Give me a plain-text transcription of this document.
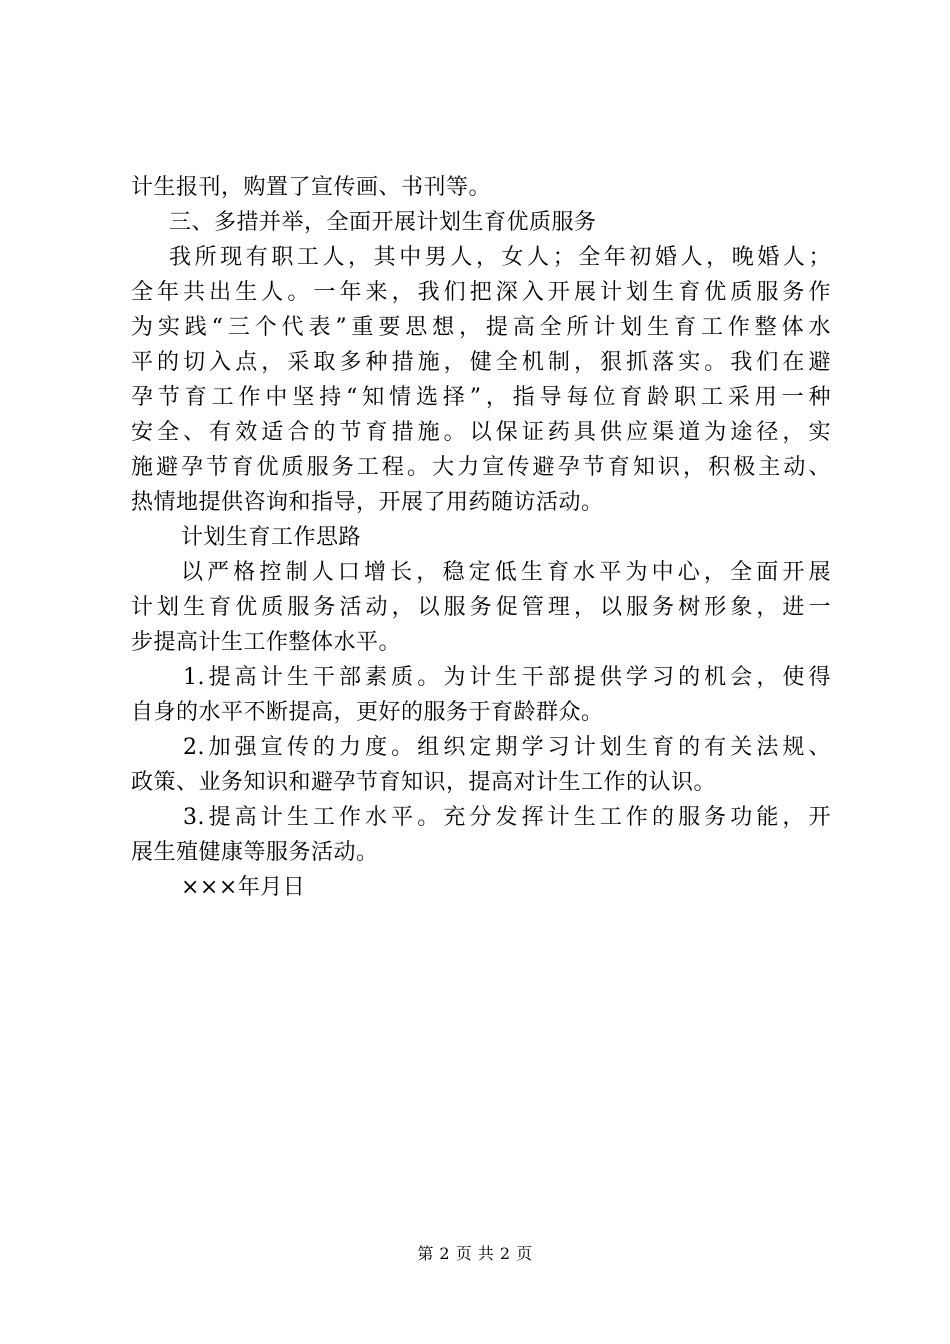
计生报刊，购置了宣传画、书刊等。
三、多措并举，全面开展计划生育优质服务
我所现有职工人，其中男人，女人；全年初婚人，晚婚人；
全年共出生人。一年来，我们把深入开展计划生育优质服务作
为实践“三个代表”重要思想，提高全所计划生育工作整体水
平的切入点，采取多种措施，健全机制，狠抓落实。我们在避
孕节育工作中坚持“知情选择”，指导每位育龄职工采用一种
安全、有效适合的节育措施。以保证药具供应渠道为途径，实
施避孕节育优质服务工程。大力宣传避孕节育知识，积极主动、
热情地提供咨询和指导，开展了用药随访活动。
计划生育工作思路
以严格控制人口增长，稳定低生育水平为中心，全面开展
计划生育优质服务活动，以服务促管理，以服务树形象，进一
步提高计生工作整体水平。
1.提高计生干部素质。为计生干部提供学习的机会，使得
自身的水平不断提高，更好的服务于育龄群众。
2.加强宣传的力度。组织定期学习计划生育的有关法规、
政策、业务知识和避孕节育知识，提高对计生工作的认识。
3.提高计生工作水平。充分发挥计生工作的服务功能，开
展生殖健康等服务活动。
×××年月日
第 2 页 共 2 页
